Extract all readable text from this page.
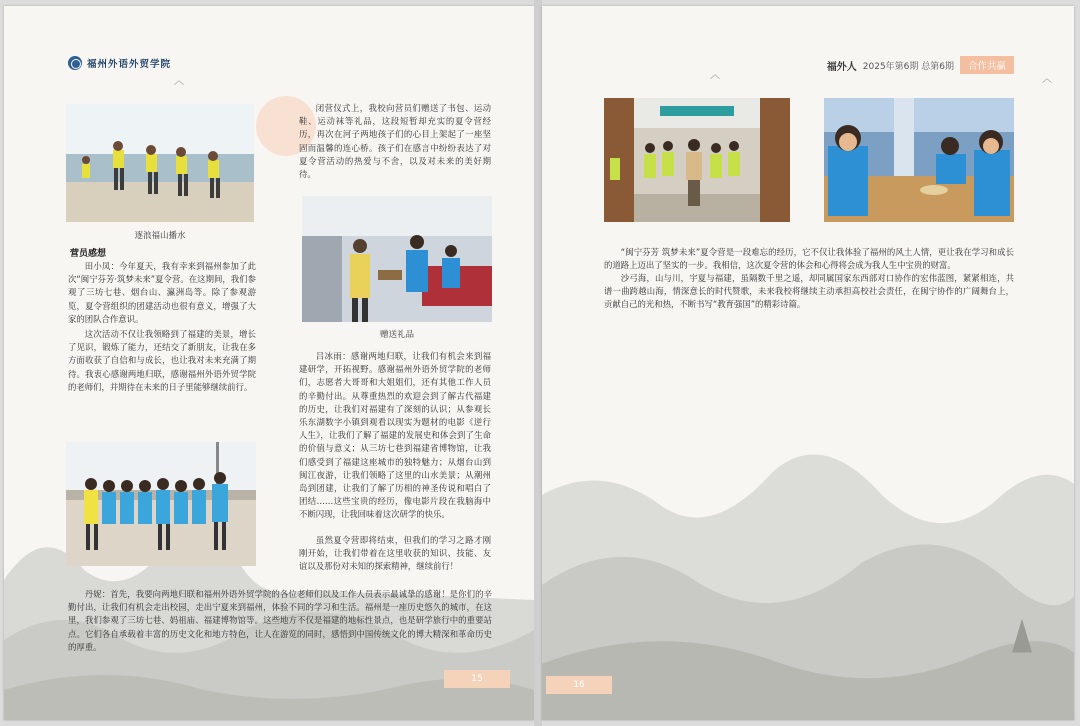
福州外语外贸学院
︿
逐浪福山播水
营员感想
田小凤：今年夏天，我有幸来到福州参加了此次“闽宁芬芳·筑梦未来”夏令营。在这期间，我们参观了三坊七巷、烟台山、瀛洲岛等。除了参观游览，夏令营组织的团建活动也很有意义，增强了大家的团队合作意识。
这次活动不仅让我领略到了福建的美景，增长了见识，锻炼了能力，还结交了新朋友，让我在多方面收获了自信和与成长，也让我对未来充满了期待。我衷心感谢两地归联，感谢福州外语外贸学院的老师们，并期待在未来的日子里能够继续前行。
闭营仪式上，我校向营员们赠送了书包、运动鞋、运动袜等礼品，这段短暂却充实的夏令营经历，再次在河子两地孩子们的心目上架起了一座坚固而温馨的连心桥。孩子们在感言中纷纷表达了对夏令营活动的热爱与不舍，以及对未来的美好期待。
赠送礼品
吕冰雨：感谢两地归联，让我们有机会来到福建研学，开拓视野。感谢福州外语外贸学院的老师们，志愿者大哥哥和大姐姐们，还有其他工作人员的辛勤付出。从尊重热烈的欢迎会到了解古代福建的历史，让我们对福建有了深刻的认识；从参观长乐东湖数字小镇到观看以现实为题材的电影《逆行人生》，让我们了解了福建的发展史和体会到了生命的价值与意义；从三坊七巷到福建省博物馆，让我们感受到了福建这座城市的独特魅力；从烟台山到闽江夜游，让我们领略了这里的山水美景；从潮州岛到团建，让我们了解了历相的神圣传说和唱白了团结……这些宝贵的经历，像电影片段在我脑海中不断闪现，让我回味着这次研学的快乐。
虽然夏令营即将结束，但我们的学习之路才刚刚开始，让我们带着在这里收获的知识、技能、友谊以及那份对未知的探索精神，继续前行！
丹妮：首先，我要向两地归联和福州外语外贸学院的各位老师们以及工作人员表示最诚挚的感谢！是你们的辛勤付出，让我们有机会走出校园，走出宁夏来到福州，体验不同的学习和生活。福州是一座历史悠久的城市，在这里，我们参观了三坊七巷、妈祖庙、福建博物馆等。这些地方不仅是福建的地标性景点，也是研学旅行中的重要站点。它们各自承载着丰富的历史文化和地方特色，让人在游览的同时，感悟到中国传统文化的博大精深和革命历史的厚重。
15
福外人 2025年第6期 总第6期	合作共赢
︿	︿
“闽宁芬芳 筑梦未来”夏令营是一段难忘的经历，它不仅让我体验了福州的风土人情，更让我在学习和成长的道路上迈出了坚实的一步。我相信，这次夏令营的体会和心得将会成为我人生中宝贵的财富。
沙弓海，山与川，宇夏与福建，虽隔数千里之遥，却同属国家东西部对口协作的宏伟蓝图，紧紧相连，共谱一曲跨越山海，情深意长的时代赞歌，未来我校将继续主动承担高校社会责任，在闽宁协作的广阔舞台上，贡献自己的光和热，不断书写“教育强国”的精彩诗篇。
16
